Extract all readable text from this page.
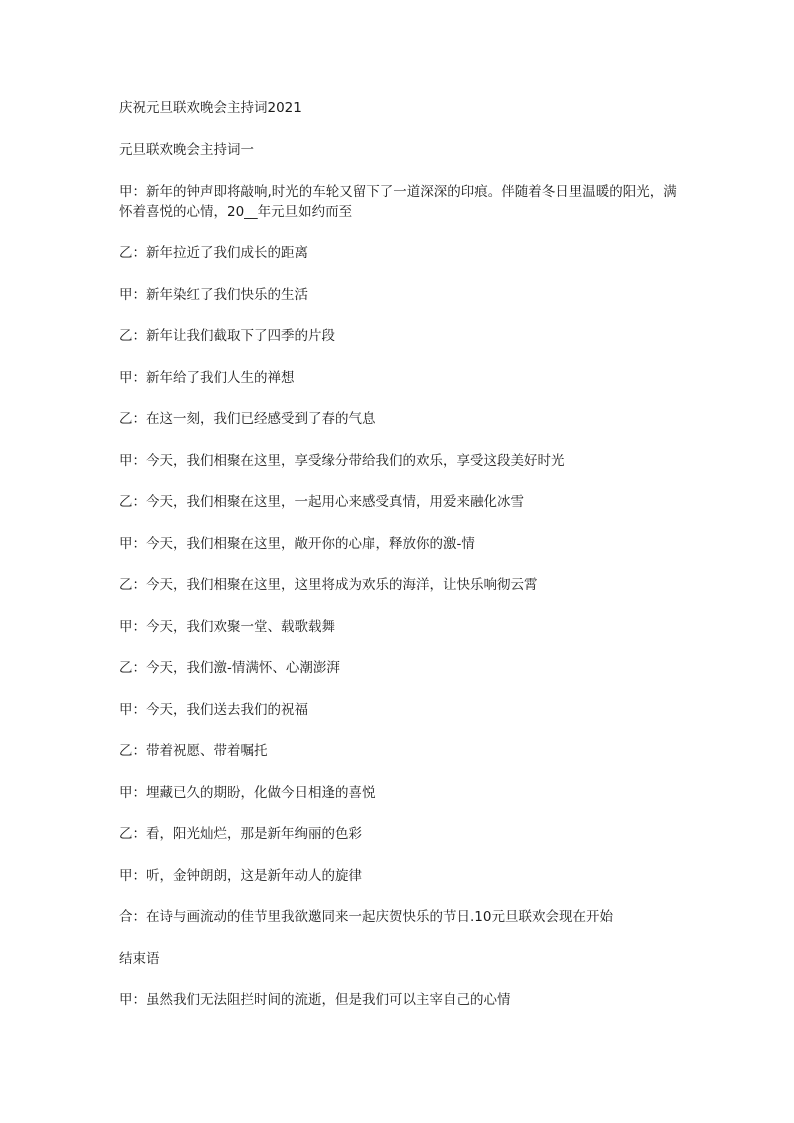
庆祝元旦联欢晚会主持词2021

元旦联欢晚会主持词一

甲：新年的钟声即将敲响,时光的车轮又留下了一道深深的印痕。伴随着冬日里温暖的阳光，满怀着喜悦的心情，20__年元旦如约而至

乙：新年拉近了我们成长的距离

甲：新年染红了我们快乐的生活

乙：新年让我们截取下了四季的片段

甲：新年给了我们人生的禅想

乙：在这一刻，我们已经感受到了春的气息

甲：今天，我们相聚在这里，享受缘分带给我们的欢乐，享受这段美好时光

乙：今天，我们相聚在这里，一起用心来感受真情，用爱来融化冰雪

甲：今天，我们相聚在这里，敞开你的心扉，释放你的激-情

乙：今天，我们相聚在这里，这里将成为欢乐的海洋，让快乐响彻云霄

甲：今天，我们欢聚一堂、载歌载舞

乙：今天，我们激-情满怀、心潮澎湃

甲：今天，我们送去我们的祝福

乙：带着祝愿、带着嘱托

甲：埋藏已久的期盼，化做今日相逢的喜悦

乙：看，阳光灿烂，那是新年绚丽的色彩

甲：听，金钟朗朗，这是新年动人的旋律

合：在诗与画流动的佳节里我欲邀同来一起庆贺快乐的节日.10元旦联欢会现在开始

结束语

甲：虽然我们无法阻拦时间的流逝，但是我们可以主宰自己的心情
